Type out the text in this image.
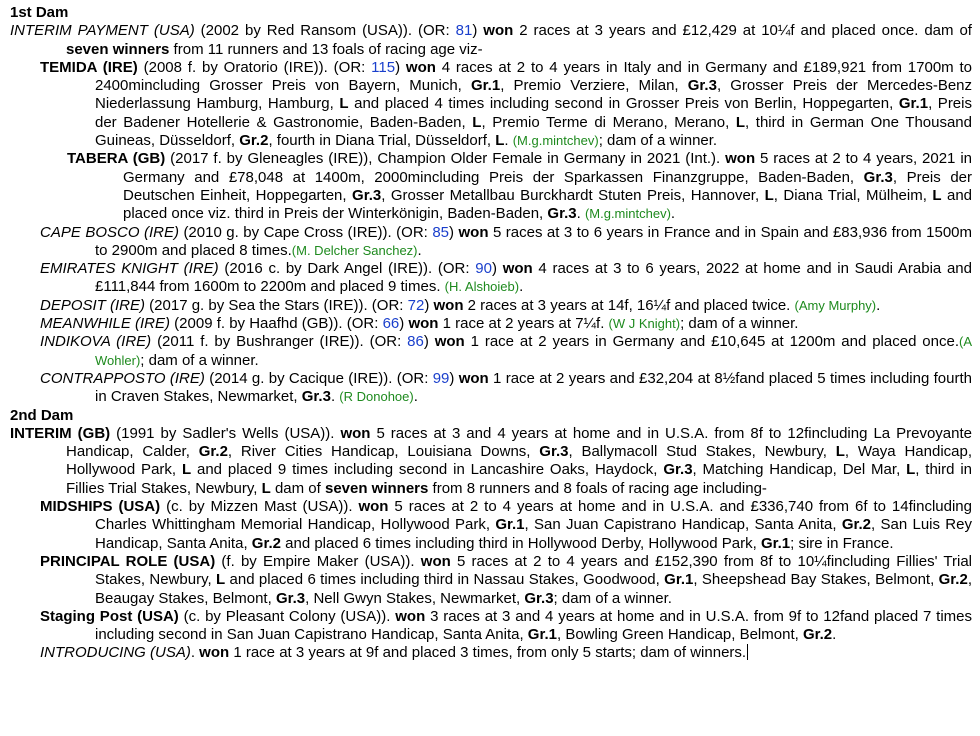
1st Dam
INTERIM PAYMENT (USA) (2002 by Red Ransom (USA)). (OR: 81) won 2 races at 3 years and £12,429 at 10¼f and placed once. dam of seven winners from 11 runners and 13 foals of racing age viz-
TEMIDA (IRE) (2008 f. by Oratorio (IRE)). (OR: 115) won 4 races at 2 to 4 years in Italy and in Germany and £189,921 from 1700m to 2400mincluding Grosser Preis von Bayern, Munich, Gr.1, Premio Verziere, Milan, Gr.3, Grosser Preis der Mercedes-Benz Niederlassung Hamburg, Hamburg, L and placed 4 times including second in Grosser Preis von Berlin, Hoppegarten, Gr.1, Preis der Badener Hotellerie & Gastronomie, Baden-Baden, L, Premio Terme di Merano, Merano, L, third in German One Thousand Guineas, Düsseldorf, Gr.2, fourth in Diana Trial, Düsseldorf, L. (M.g.mintchev); dam of a winner.
TABERA (GB) (2017 f. by Gleneagles (IRE)), Champion Older Female in Germany in 2021 (Int.). won 5 races at 2 to 4 years, 2021 in Germany and £78,048 at 1400m, 2000mincluding Preis der Sparkassen Finanzgruppe, Baden-Baden, Gr.3, Preis der Deutschen Einheit, Hoppegarten, Gr.3, Grosser Metallbau Burckhardt Stuten Preis, Hannover, L, Diana Trial, Mülheim, L and placed once viz. third in Preis der Winterkönigin, Baden-Baden, Gr.3. (M.g.mintchev).
CAPE BOSCO (IRE) (2010 g. by Cape Cross (IRE)). (OR: 85) won 5 races at 3 to 6 years in France and in Spain and £83,936 from 1500m to 2900m and placed 8 times.(M. Delcher Sanchez).
EMIRATES KNIGHT (IRE) (2016 c. by Dark Angel (IRE)). (OR: 90) won 4 races at 3 to 6 years, 2022 at home and in Saudi Arabia and £111,844 from 1600m to 2200m and placed 9 times. (H. Alshoieb).
DEPOSIT (IRE) (2017 g. by Sea the Stars (IRE)). (OR: 72) won 2 races at 3 years at 14f, 16¼f and placed twice. (Amy Murphy).
MEANWHILE (IRE) (2009 f. by Haafhd (GB)). (OR: 66) won 1 race at 2 years at 7¼f. (W J Knight); dam of a winner.
INDIKOVA (IRE) (2011 f. by Bushranger (IRE)). (OR: 86) won 1 race at 2 years in Germany and £10,645 at 1200m and placed once.(A Wohler); dam of a winner.
CONTRAPPOSTO (IRE) (2014 g. by Cacique (IRE)). (OR: 99) won 1 race at 2 years and £32,204 at 8½fand placed 5 times including fourth in Craven Stakes, Newmarket, Gr.3. (R Donohoe).
2nd Dam
INTERIM (GB) (1991 by Sadler's Wells (USA)). won 5 races at 3 and 4 years at home and in U.S.A. from 8f to 12fincluding La Prevoyante Handicap, Calder, Gr.2, River Cities Handicap, Louisiana Downs, Gr.3, Ballymacoll Stud Stakes, Newbury, L, Waya Handicap, Hollywood Park, L and placed 9 times including second in Lancashire Oaks, Haydock, Gr.3, Matching Handicap, Del Mar, L, third in Fillies Trial Stakes, Newbury, L dam of seven winners from 8 runners and 8 foals of racing age including-
MIDSHIPS (USA) (c. by Mizzen Mast (USA)). won 5 races at 2 to 4 years at home and in U.S.A. and £336,740 from 6f to 14fincluding Charles Whittingham Memorial Handicap, Hollywood Park, Gr.1, San Juan Capistrano Handicap, Santa Anita, Gr.2, San Luis Rey Handicap, Santa Anita, Gr.2 and placed 6 times including third in Hollywood Derby, Hollywood Park, Gr.1; sire in France.
PRINCIPAL ROLE (USA) (f. by Empire Maker (USA)). won 5 races at 2 to 4 years and £152,390 from 8f to 10¼fincluding Fillies' Trial Stakes, Newbury, L and placed 6 times including third in Nassau Stakes, Goodwood, Gr.1, Sheepshead Bay Stakes, Belmont, Gr.2, Beaugay Stakes, Belmont, Gr.3, Nell Gwyn Stakes, Newmarket, Gr.3; dam of a winner.
Staging Post (USA) (c. by Pleasant Colony (USA)). won 3 races at 3 and 4 years at home and in U.S.A. from 9f to 12fand placed 7 times including second in San Juan Capistrano Handicap, Santa Anita, Gr.1, Bowling Green Handicap, Belmont, Gr.2.
INTRODUCING (USA). won 1 race at 3 years at 9f and placed 3 times, from only 5 starts; dam of winners.
